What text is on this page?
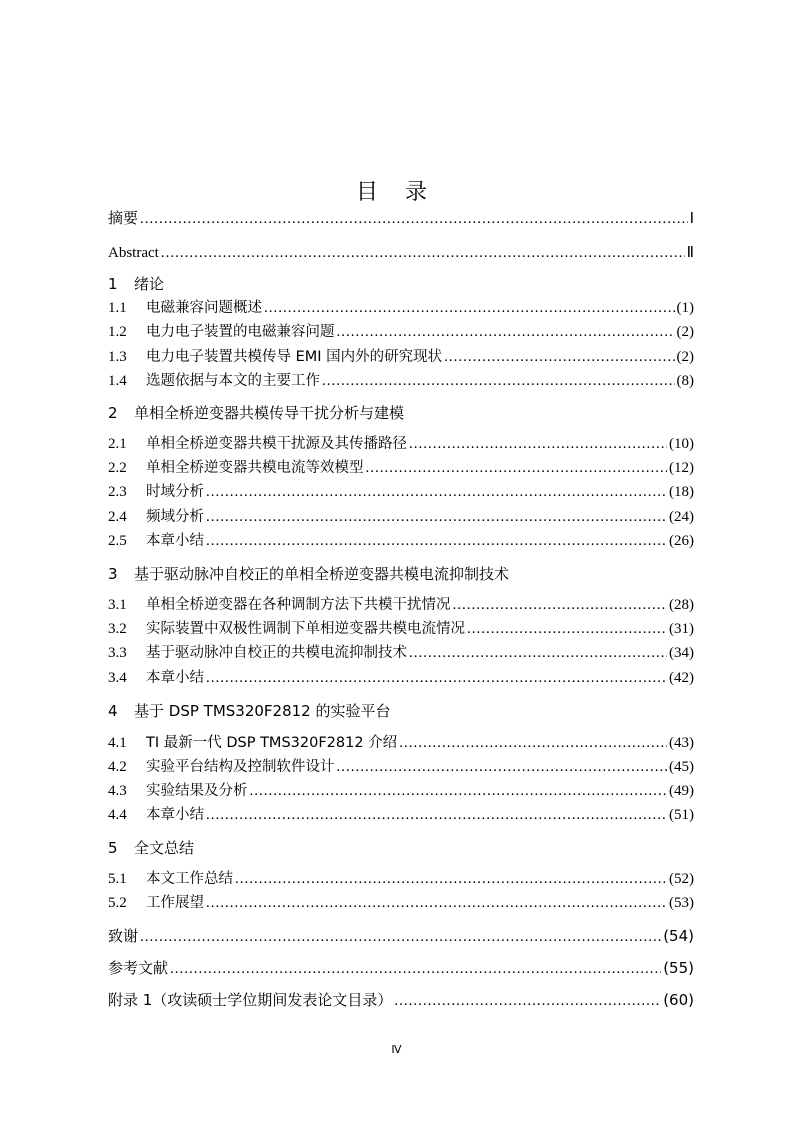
目 录
摘要 .....	Ⅰ
Abstract .....	Ⅱ
1 绪论
1.1	电磁兼容问题概述 .....	(1)
1.2	电力电子装置的电磁兼容问题 .....	(2)
1.3	电力电子装置共模传导 EMI 国内外的研究现状 .....	(2)
1.4	选题依据与本文的主要工作 .....	(8)
2 单相全桥逆变器共模传导干扰分析与建模
2.1	单相全桥逆变器共模干扰源及其传播路径 .....	(10)
2.2	单相全桥逆变器共模电流等效模型 .....	(12)
2.3	时域分析 .....	(18)
2.4	频域分析 .....	(24)
2.5	本章小结 .....	(26)
3 基于驱动脉冲自校正的单相全桥逆变器共模电流抑制技术
3.1	单相全桥逆变器在各种调制方法下共模干扰情况 .....	(28)
3.2	实际装置中双极性调制下单相逆变器共模电流情况 .....	(31)
3.3	基于驱动脉冲自校正的共模电流抑制技术 .....	(34)
3.4	本章小结 .....	(42)
4 基于 DSP TMS320F2812 的实验平台
4.1	TI 最新一代 DSP TMS320F2812 介绍 .....	(43)
4.2	实验平台结构及控制软件设计 .....	(45)
4.3	实验结果及分析 .....	(49)
4.4	本章小结 .....	(51)
5 全文总结
5.1	本文工作总结 .....	(52)
5.2	工作展望 .....	(53)
致谢 .....	(54)
参考文献 .....	(55)
附录 1（攻读硕士学位期间发表论文目录） .....	(60)
Ⅳ
